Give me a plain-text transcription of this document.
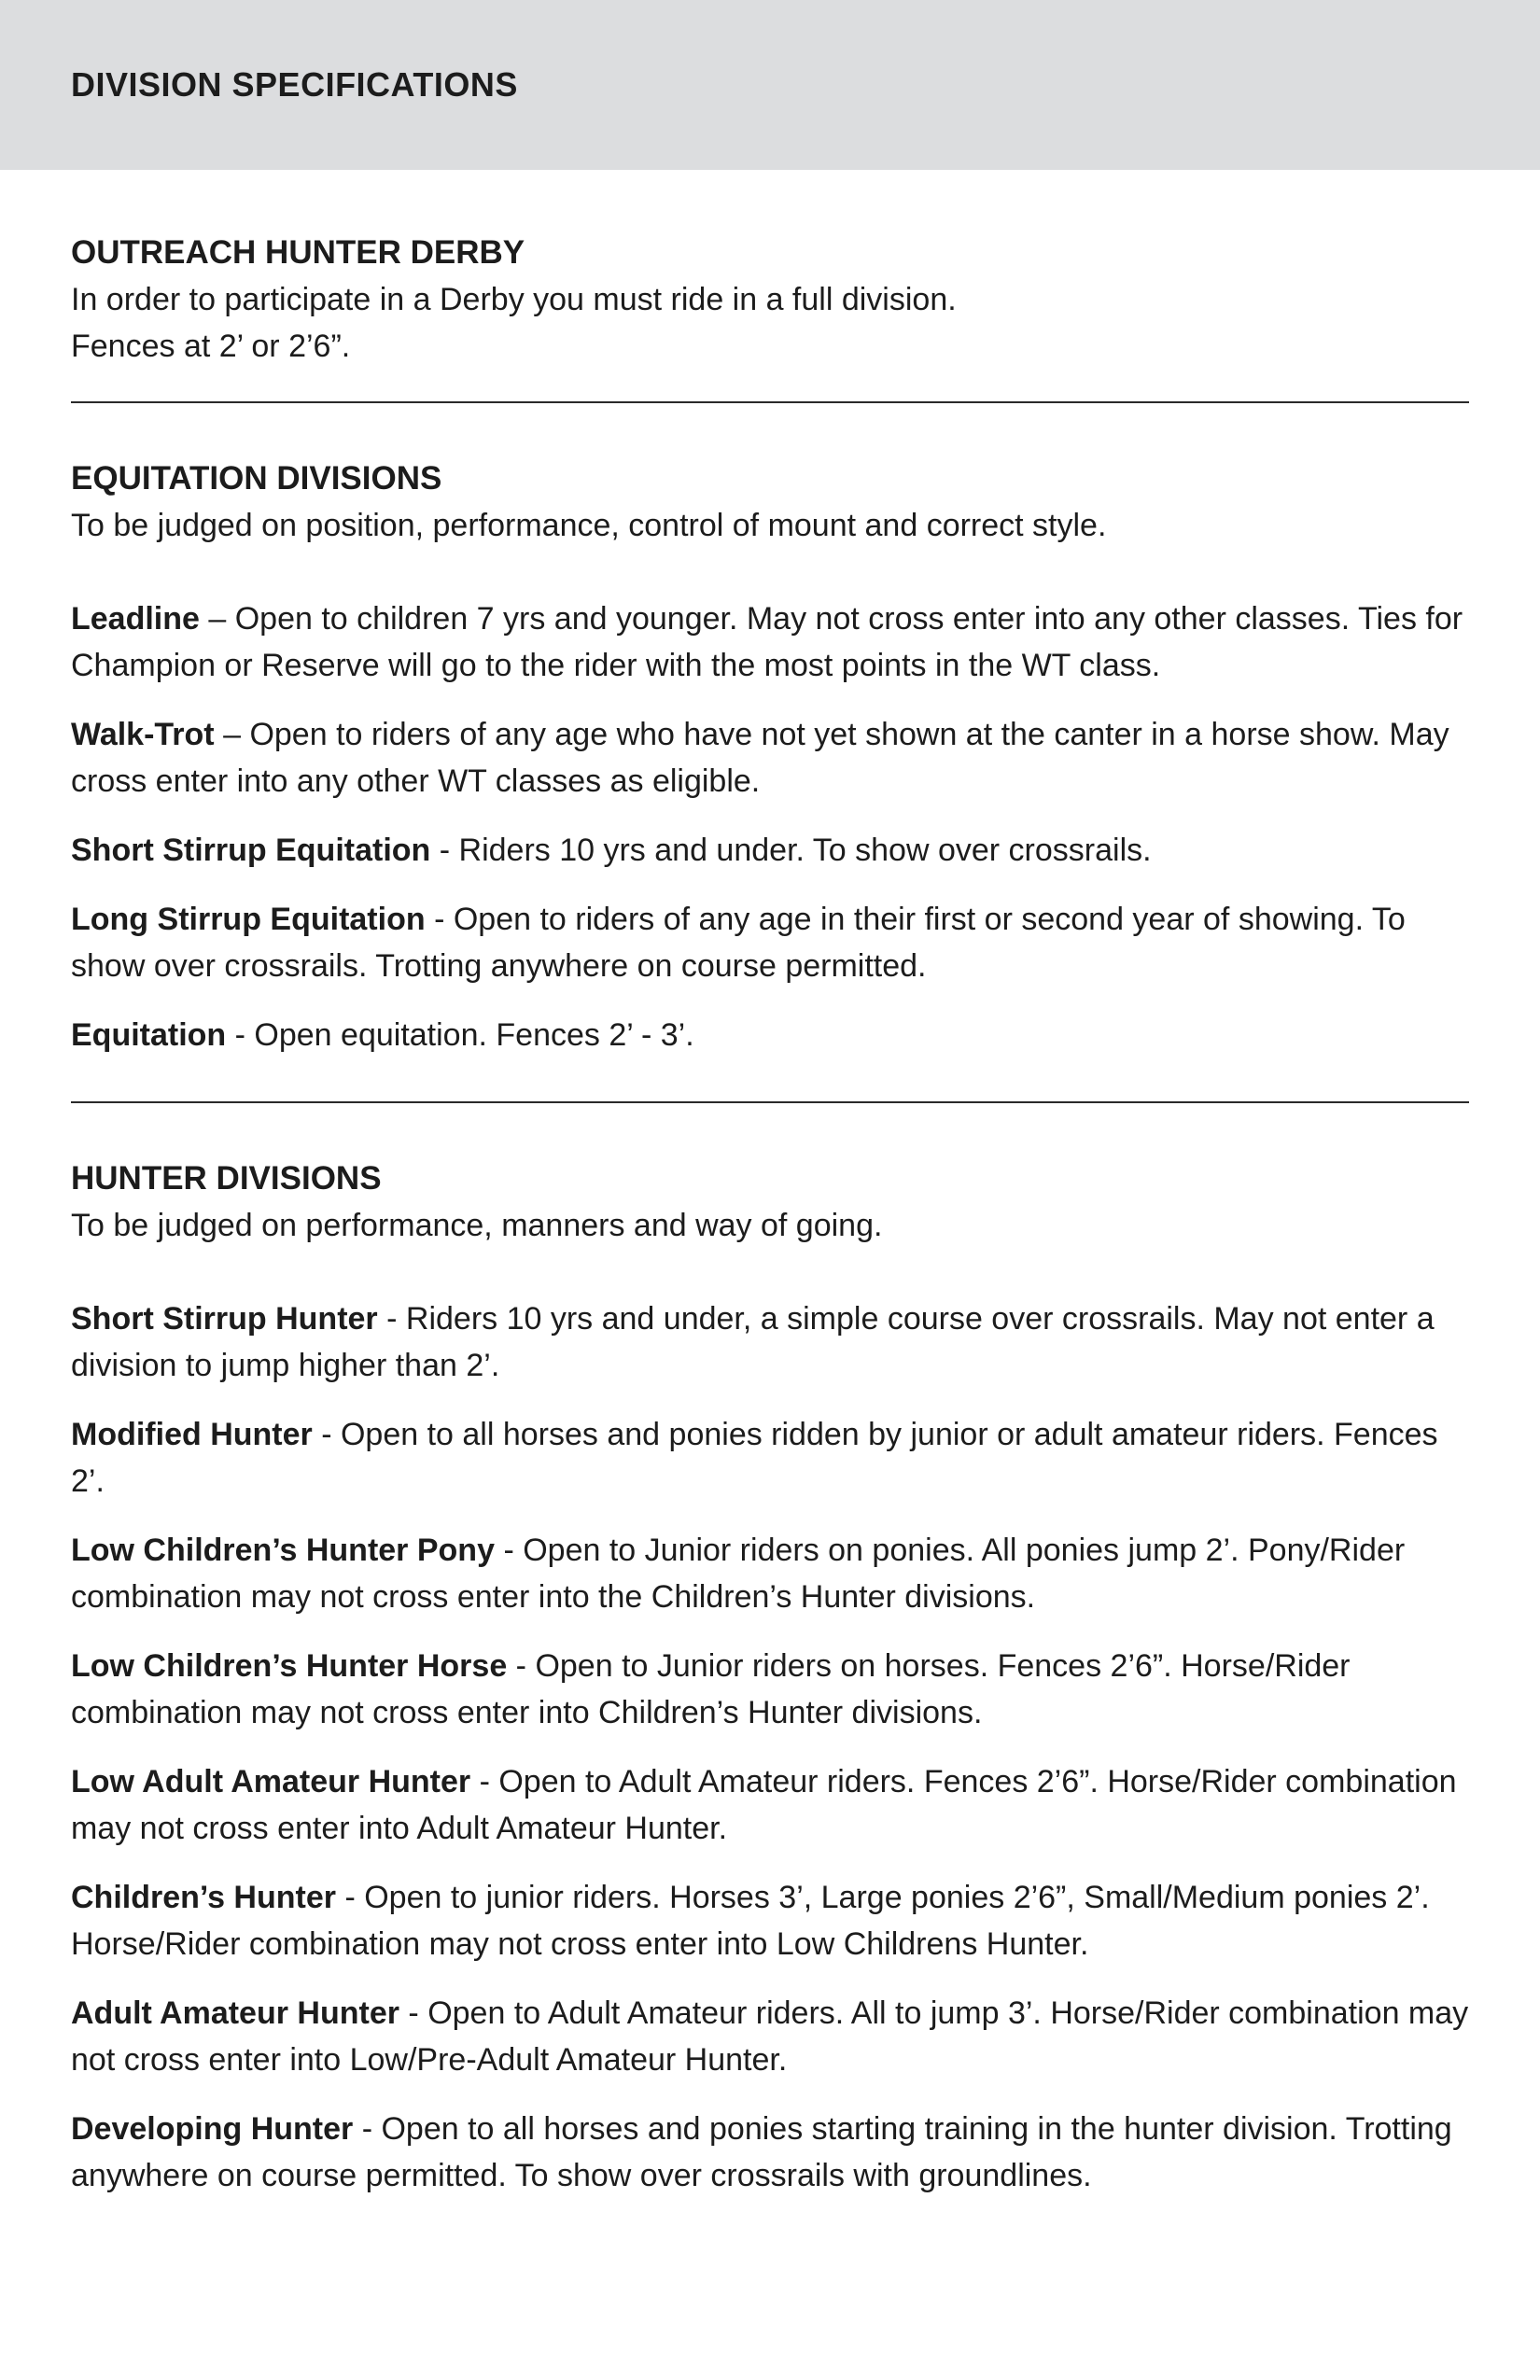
DIVISION SPECIFICATIONS
OUTREACH HUNTER DERBY

In order to participate in a Derby you must ride in a full division.

Fences at 2’ or 2’6”.

EQUITATION DIVISIONS

To be judged on position, performance, control of mount and correct style.

Leadline – Open to children 7 yrs and younger. May not cross enter into any other classes. Ties for Champion or Reserve will go to the rider with the most points in the WT class.

Walk-Trot – Open to riders of any age who have not yet shown at the canter in a horse show. May cross enter into any other WT classes as eligible.

Short Stirrup Equitation - Riders 10 yrs and under. To show over crossrails.

Long Stirrup Equitation - Open to riders of any age in their first or second year of showing. To show over crossrails. Trotting anywhere on course permitted.

Equitation - Open equitation. Fences 2’ - 3’.

HUNTER DIVISIONS

To be judged on performance, manners and way of going.

Short Stirrup Hunter - Riders 10 yrs and under, a simple course over crossrails. May not enter a division to jump higher than 2’.

Modified Hunter - Open to all horses and ponies ridden by junior or adult amateur riders. Fences 2’.

Low Children’s Hunter Pony - Open to Junior riders on ponies. All ponies jump 2’. Pony/Rider combination may not cross enter into the Children’s Hunter divisions.

Low Children’s Hunter Horse - Open to Junior riders on horses. Fences 2’6”. Horse/Rider combination may not cross enter into Children’s Hunter divisions.

Low Adult Amateur Hunter - Open to Adult Amateur riders. Fences 2’6”. Horse/Rider combination may not cross enter into Adult Amateur Hunter.

Children’s Hunter - Open to junior riders. Horses 3’, Large ponies 2’6”, Small/Medium ponies 2’. Horse/Rider combination may not cross enter into Low Childrens Hunter.

Adult Amateur Hunter - Open to Adult Amateur riders. All to jump 3’. Horse/Rider combination may not cross enter into Low/Pre-Adult Amateur Hunter.

Developing Hunter - Open to all horses and ponies starting training in the hunter division. Trotting anywhere on course permitted. To show over crossrails with groundlines.
